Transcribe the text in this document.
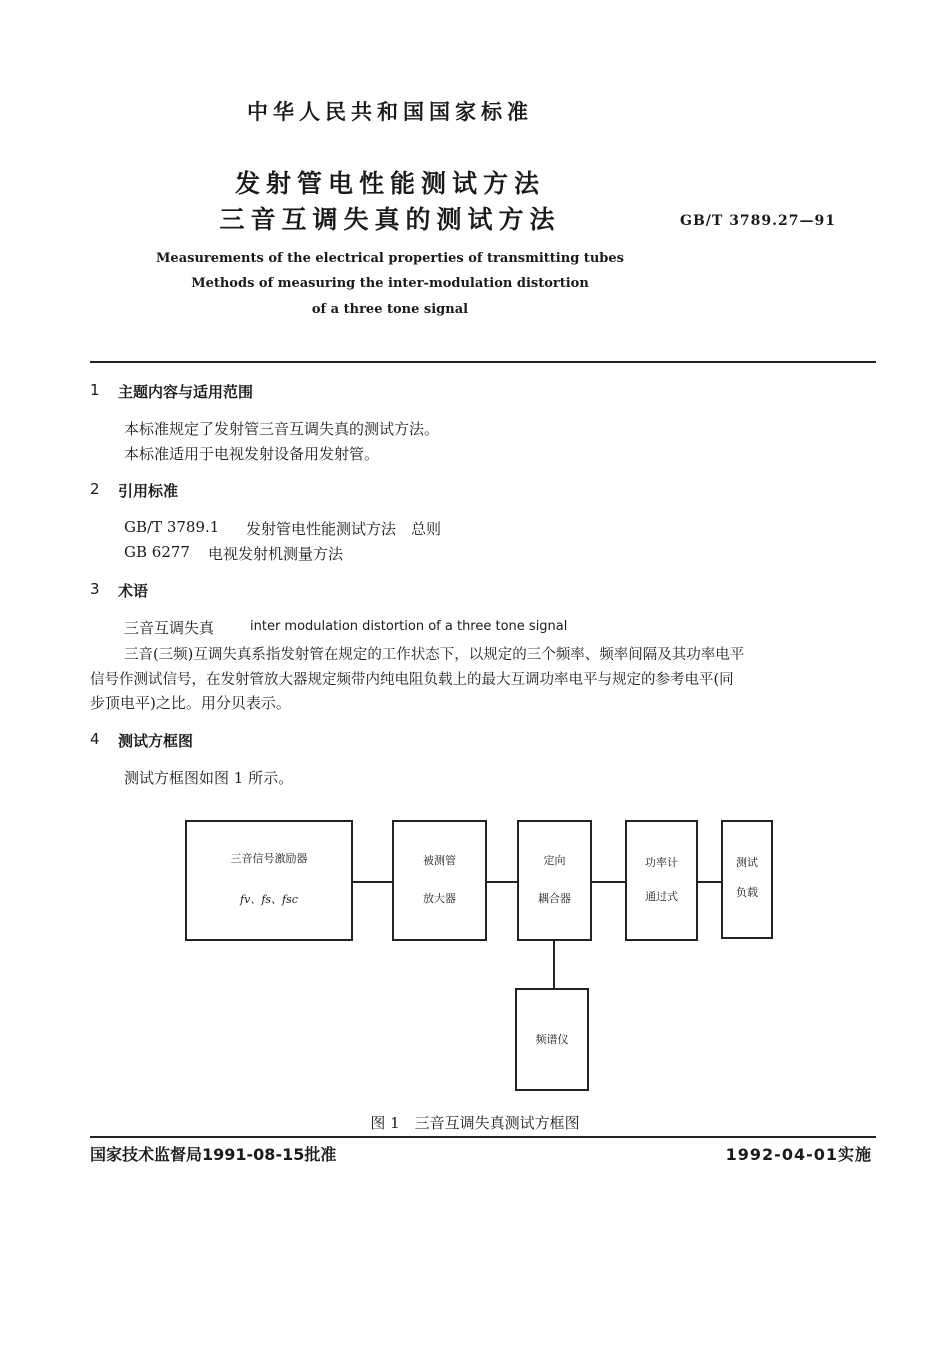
中华人民共和国国家标准
发射管电性能测试方法
三音互调失真的测试方法	GB/T 3789.27—91
Measurements of the electrical properties of transmitting tubes
Methods of measuring the inter-modulation distortion
of a three tone signal
1 主题内容与适用范围
本标准规定了发射管三音互调失真的测试方法。
本标准适用于电视发射设备用发射管。
2 引用标准
GB/T 3789.1 发射管电性能测试方法　总则
GB 6277 电视发射机测量方法
3 术语
三音互调失真	inter modulation distortion of a three tone signal
三音(三频)互调失真系指发射管在规定的工作状态下，以规定的三个频率、频率间隔及其功率电平
信号作测试信号，在发射管放大器规定频带内纯电阻负载上的最大互调功率电平与规定的参考电平(同
步顶电平)之比。用分贝表示。
4 测试方框图
测试方框图如图 1 所示。
三音信号激励器
fv、fs、fsc
被测管
放大器
定向
耦合器
功率计
通过式
测试
负载
频谱仪
图 1　三音互调失真测试方框图
国家技术监督局1991-08-15批准	1992-04-01实施
